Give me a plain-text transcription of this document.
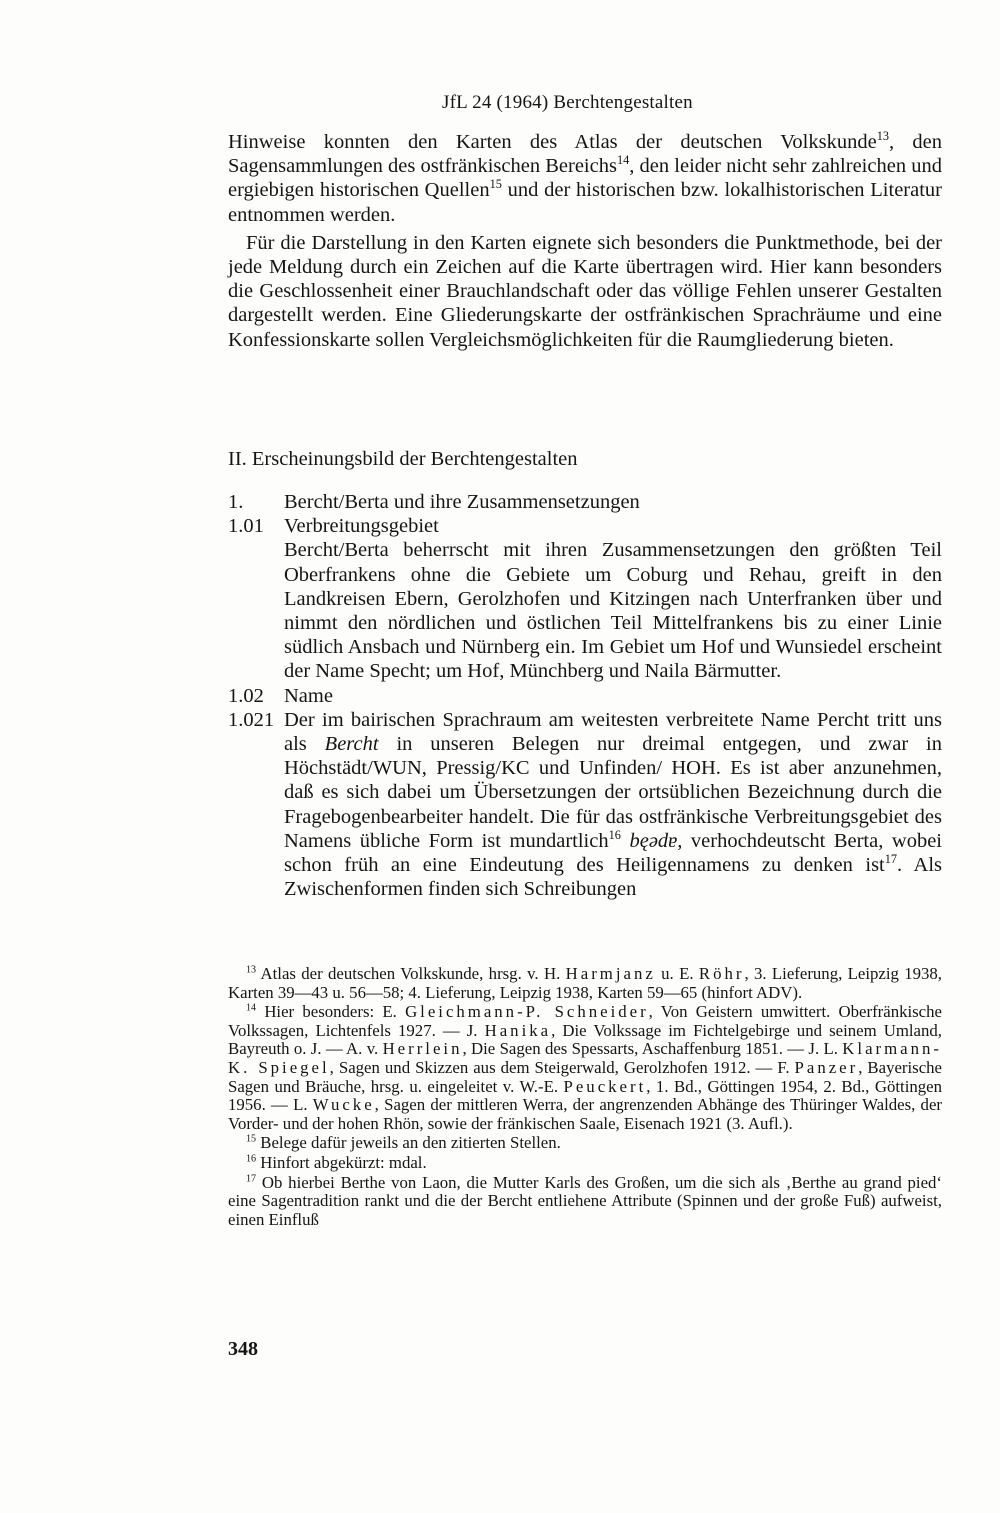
JfL 24 (1964) Berchtengestalten

Hinweise konnten den Karten des Atlas der deutschen Volkskunde$^{13}$, den Sagensammlungen des ostfränkischen Bereichs$^{14}$, den leider nicht sehr zahlreichen und ergiebigen historischen Quellen$^{15}$ und der historischen bzw. lokalhistorischen Literatur entnommen werden.

Für die Darstellung in den Karten eignete sich besonders die Punktmethode, bei der jede Meldung durch ein Zeichen auf die Karte übertragen wird. Hier kann besonders die Geschlossenheit einer Brauchlandschaft oder das völlige Fehlen unserer Gestalten dargestellt werden. Eine Gliederungskarte der ostfränkischen Sprachräume und eine Konfessionskarte sollen Vergleichsmöglichkeiten für die Raumgliederung bieten.

II. Erscheinungsbild der Berchtengestalten
1.	Bercht/Berta und ihre Zusammensetzungen
1.01 Verbreitungsgebiet
Bercht/Berta beherrscht mit ihren Zusammensetzungen den größten Teil Oberfrankens ohne die Gebiete um Coburg und Rehau, greift in den Landkreisen Ebern, Gerolzhofen und Kitzingen nach Unterfranken über und nimmt den nördlichen und östlichen Teil Mittelfrankens bis zu einer Linie südlich Ansbach und Nürnberg ein. Im Gebiet um Hof und Wunsiedel erscheint der Name Specht; um Hof, Münchberg und Naila Bärmutter.
1.02 Name
1.021 Der im bairischen Sprachraum am weitesten verbreitete Name Percht tritt uns als Bercht in unseren Belegen nur dreimal entgegen, und zwar in Höchstädt/WUN, Pressig/KC und Unfinden/ HOH. Es ist aber anzunehmen, daß es sich dabei um Übersetzungen der ortsüblichen Bezeichnung durch die Fragebogenbearbeiter handelt. Die für das ostfränkische Verbreitungsgebiet des Namens übliche Form ist mundartlich$^{16}$ bęədɐ, verhochdeutscht Berta, wobei schon früh an eine Eindeutung des Heiligennamens zu denken ist$^{17}$. Als Zwischenformen finden sich Schreibungen

$^{13}$ Atlas der deutschen Volkskunde, hrsg. v. H. Harmjanz u. E. Röhr, 3. Lieferung, Leipzig 1938, Karten 39—43 u. 56—58; 4. Lieferung, Leipzig 1938, Karten 59—65 (hinfort ADV).

$^{14}$ Hier besonders: E. Gleichmann-P. Schneider, Von Geistern umwittert. Oberfränkische Volkssagen, Lichtenfels 1927. — J. Hanika, Die Volkssage im Fichtelgebirge und seinem Umland, Bayreuth o. J. — A. v. Herrlein, Die Sagen des Spessarts, Aschaffenburg 1851. — J. L. Klarmann-K. Spiegel, Sagen und Skizzen aus dem Steigerwald, Gerolzhofen 1912. — F. Panzer, Bayerische Sagen und Bräuche, hrsg. u. eingeleitet v. W.-E. Peuckert, 1. Bd., Göttingen 1954, 2. Bd., Göttingen 1956. — L. Wucke, Sagen der mittleren Werra, der angrenzenden Abhänge des Thüringer Waldes, der Vorder- und der hohen Rhön, sowie der fränkischen Saale, Eisenach 1921 (3. Aufl.).

$^{15}$ Belege dafür jeweils an den zitierten Stellen.

$^{16}$ Hinfort abgekürzt: mdal.

$^{17}$ Ob hierbei Berthe von Laon, die Mutter Karls des Großen, um die sich als ‚Berthe au grand pied‘ eine Sagentradition rankt und die der Bercht entliehene Attribute (Spinnen und der große Fuß) aufweist, einen Einfluß

348
